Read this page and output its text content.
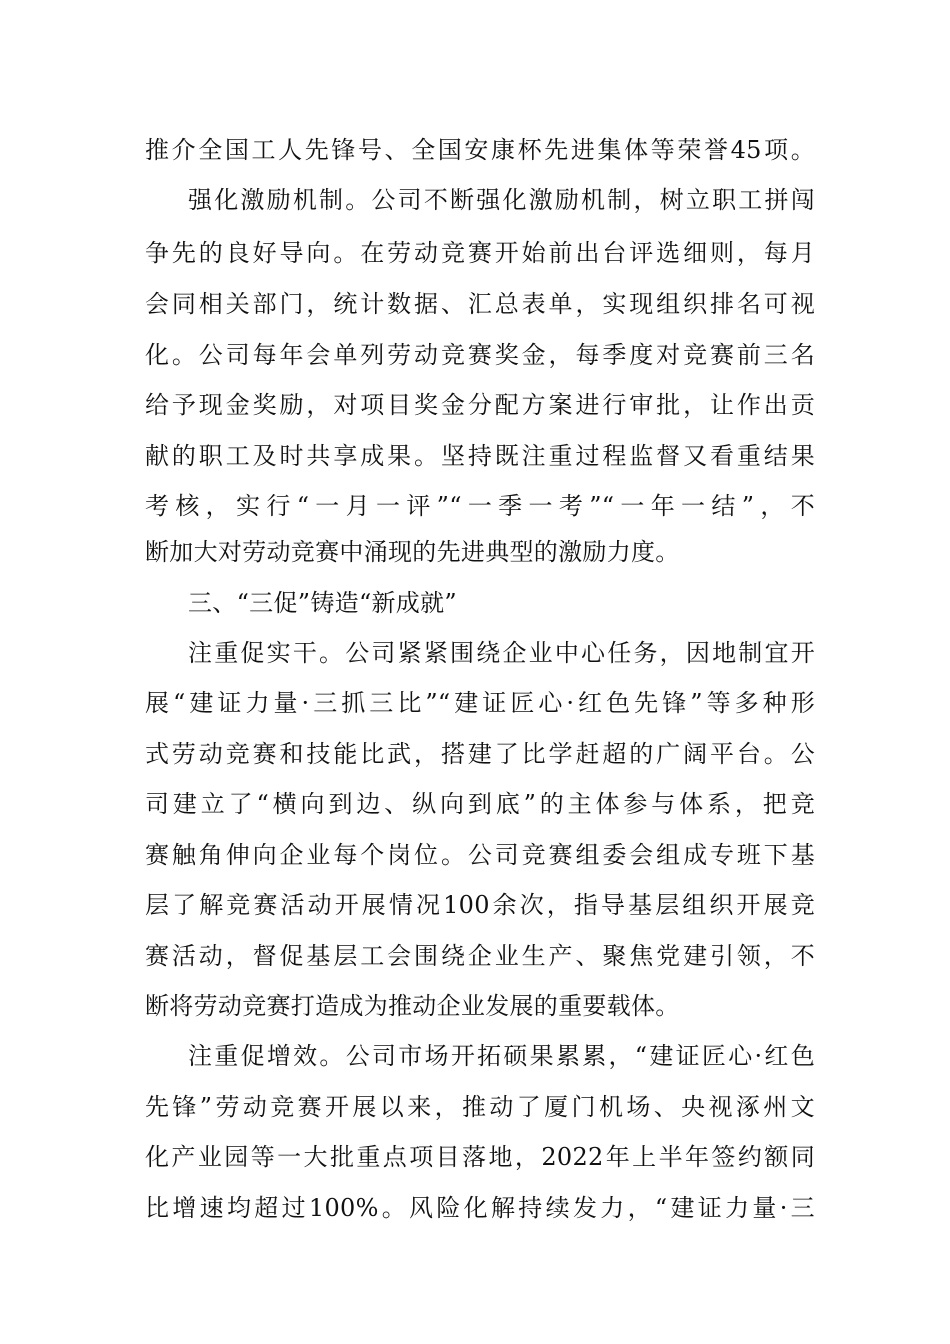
推介全国工人先锋号、全国安康杯先进集体等荣誉45项。
强化激励机制。公司不断强化激励机制，树立职工拼闯
争先的良好导向。在劳动竞赛开始前出台评选细则，每月
会同相关部门，统计数据、汇总表单，实现组织排名可视
化。公司每年会单列劳动竞赛奖金，每季度对竞赛前三名
给予现金奖励，对项目奖金分配方案进行审批，让作出贡
献的职工及时共享成果。坚持既注重过程监督又看重结果
考核，实行“一月一评”“一季一考”“一年一结”，不
断加大对劳动竞赛中涌现的先进典型的激励力度。
三、“三促”铸造“新成就”
注重促实干。公司紧紧围绕企业中心任务，因地制宜开
展“建证力量·三抓三比”“建证匠心·红色先锋”等多种形
式劳动竞赛和技能比武，搭建了比学赶超的广阔平台。公
司建立了“横向到边、纵向到底”的主体参与体系，把竞
赛触角伸向企业每个岗位。公司竞赛组委会组成专班下基
层了解竞赛活动开展情况100余次，指导基层组织开展竞
赛活动，督促基层工会围绕企业生产、聚焦党建引领，不
断将劳动竞赛打造成为推动企业发展的重要载体。
注重促增效。公司市场开拓硕果累累，“建证匠心·红色
先锋”劳动竞赛开展以来，推动了厦门机场、央视涿州文
化产业园等一大批重点项目落地，2022年上半年签约额同
比增速均超过100%。风险化解持续发力，“建证力量·三
